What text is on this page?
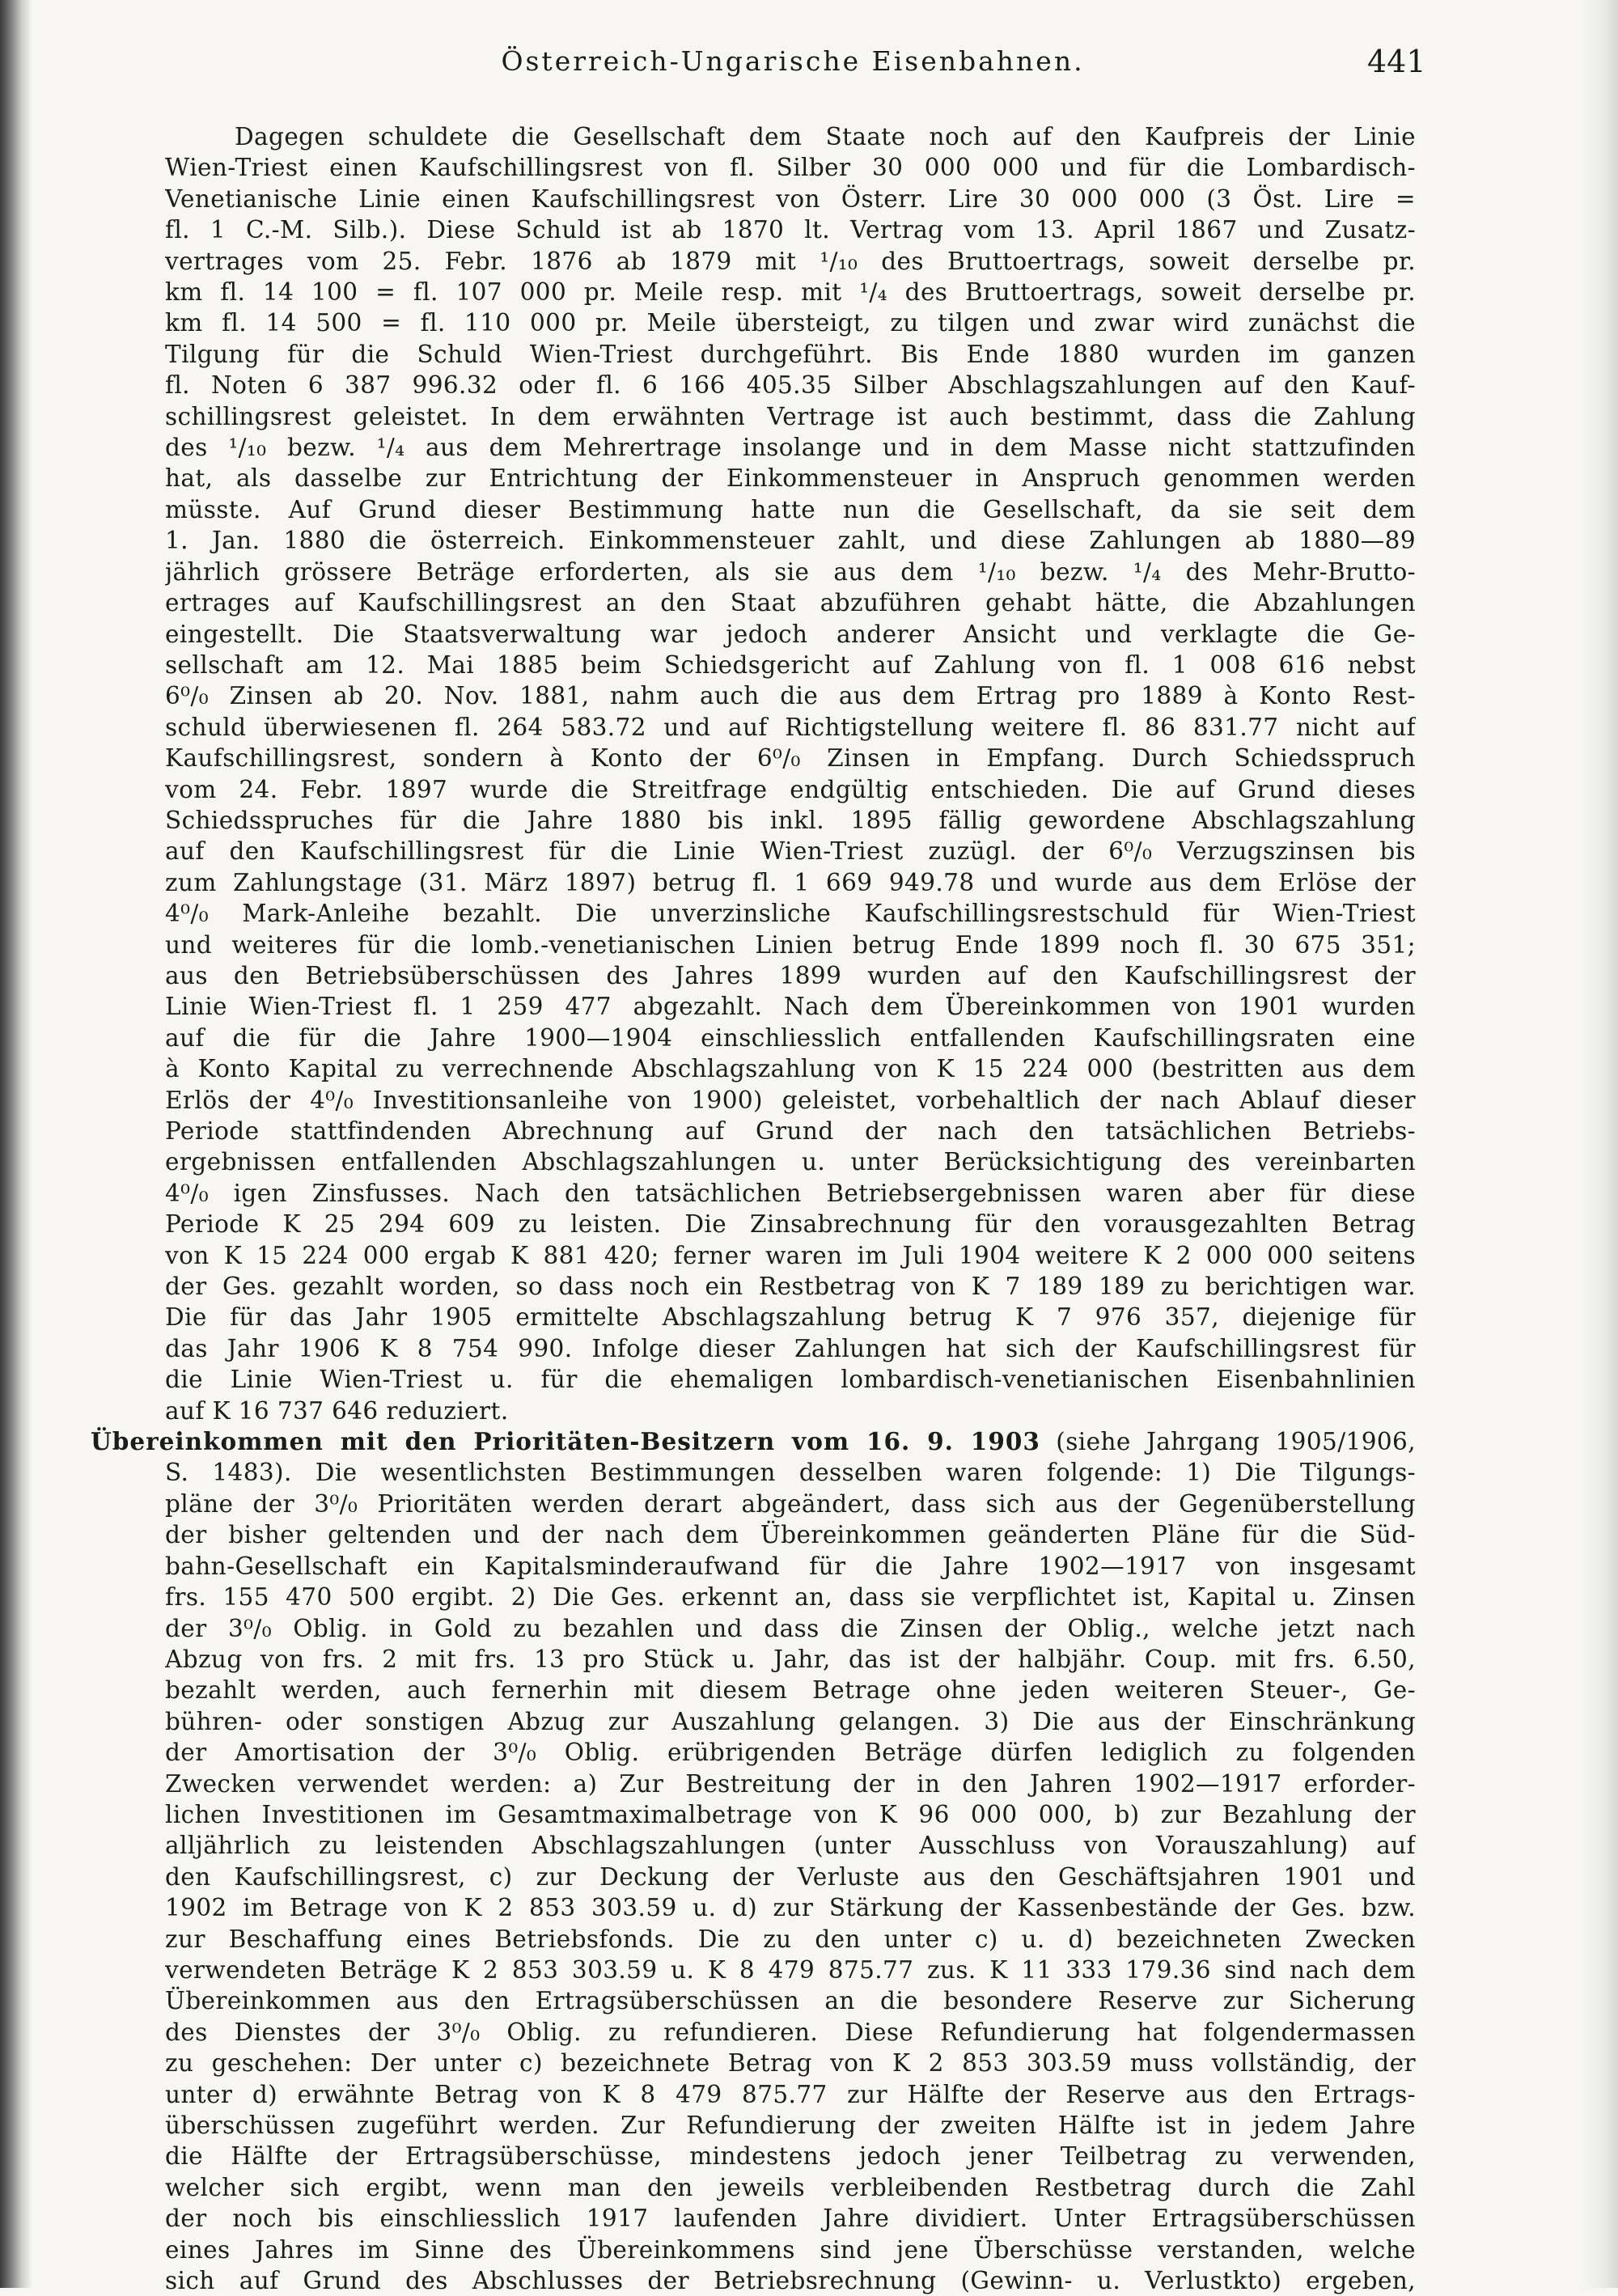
Österreich-Ungarische Eisenbahnen.	441
Dagegen schuldete die Gesellschaft dem Staate noch auf den Kaufpreis der Linie
Wien-Triest einen Kaufschillingsrest von fl. Silber 30 000 000 und für die Lombardisch-
Venetianische Linie einen Kaufschillingsrest von Österr. Lire 30 000 000 (3 Öst. Lire =
fl. 1 C.-M. Silb.). Diese Schuld ist ab 1870 lt. Vertrag vom 13. April 1867 und Zusatz-
vertrages vom 25. Febr. 1876 ab 1879 mit ¹/₁₀ des Bruttoertrags, soweit derselbe pr.
km fl. 14 100 = fl. 107 000 pr. Meile resp. mit ¹/₄ des Bruttoertrags, soweit derselbe pr.
km fl. 14 500 = fl. 110 000 pr. Meile übersteigt, zu tilgen und zwar wird zunächst die
Tilgung für die Schuld Wien-Triest durchgeführt. Bis Ende 1880 wurden im ganzen
fl. Noten 6 387 996.32 oder fl. 6 166 405.35 Silber Abschlagszahlungen auf den Kauf-
schillingsrest geleistet. In dem erwähnten Vertrage ist auch bestimmt, dass die Zahlung
des ¹/₁₀ bezw. ¹/₄ aus dem Mehrertrage insolange und in dem Masse nicht stattzufinden
hat, als dasselbe zur Entrichtung der Einkommensteuer in Anspruch genommen werden
müsste. Auf Grund dieser Bestimmung hatte nun die Gesellschaft, da sie seit dem
1. Jan. 1880 die österreich. Einkommensteuer zahlt, und diese Zahlungen ab 1880—89
jährlich grössere Beträge erforderten, als sie aus dem ¹/₁₀ bezw. ¹/₄ des Mehr-Brutto-
ertrages auf Kaufschillingsrest an den Staat abzuführen gehabt hätte, die Abzahlungen
eingestellt. Die Staatsverwaltung war jedoch anderer Ansicht und verklagte die Ge-
sellschaft am 12. Mai 1885 beim Schiedsgericht auf Zahlung von fl. 1 008 616 nebst
6⁰/₀ Zinsen ab 20. Nov. 1881, nahm auch die aus dem Ertrag pro 1889 à Konto Rest-
schuld überwiesenen fl. 264 583.72 und auf Richtigstellung weitere fl. 86 831.77 nicht auf
Kaufschillingsrest, sondern à Konto der 6⁰/₀ Zinsen in Empfang. Durch Schiedsspruch
vom 24. Febr. 1897 wurde die Streitfrage endgültig entschieden. Die auf Grund dieses
Schiedsspruches für die Jahre 1880 bis inkl. 1895 fällig gewordene Abschlagszahlung
auf den Kaufschillingsrest für die Linie Wien-Triest zuzügl. der 6⁰/₀ Verzugszinsen bis
zum Zahlungstage (31. März 1897) betrug fl. 1 669 949.78 und wurde aus dem Erlöse der
4⁰/₀ Mark-Anleihe bezahlt. Die unverzinsliche Kaufschillingsrestschuld für Wien-Triest
und weiteres für die lomb.-venetianischen Linien betrug Ende 1899 noch fl. 30 675 351;
aus den Betriebsüberschüssen des Jahres 1899 wurden auf den Kaufschillingsrest der
Linie Wien-Triest fl. 1 259 477 abgezahlt. Nach dem Übereinkommen von 1901 wurden
auf die für die Jahre 1900—1904 einschliesslich entfallenden Kaufschillingsraten eine
à Konto Kapital zu verrechnende Abschlagszahlung von K 15 224 000 (bestritten aus dem
Erlös der 4⁰/₀ Investitionsanleihe von 1900) geleistet, vorbehaltlich der nach Ablauf dieser
Periode stattfindenden Abrechnung auf Grund der nach den tatsächlichen Betriebs-
ergebnissen entfallenden Abschlagszahlungen u. unter Berücksichtigung des vereinbarten
4⁰/₀ igen Zinsfusses. Nach den tatsächlichen Betriebsergebnissen waren aber für diese
Periode K 25 294 609 zu leisten. Die Zinsabrechnung für den vorausgezahlten Betrag
von K 15 224 000 ergab K 881 420; ferner waren im Juli 1904 weitere K 2 000 000 seitens
der Ges. gezahlt worden, so dass noch ein Restbetrag von K 7 189 189 zu berichtigen war.
Die für das Jahr 1905 ermittelte Abschlagszahlung betrug K 7 976 357, diejenige für
das Jahr 1906 K 8 754 990. Infolge dieser Zahlungen hat sich der Kaufschillingsrest für
die Linie Wien-Triest u. für die ehemaligen lombardisch-venetianischen Eisenbahnlinien
auf K 16 737 646 reduziert.
Übereinkommen mit den Prioritäten-Besitzern vom 16. 9. 1903 (siehe Jahrgang 1905/1906,
S. 1483). Die wesentlichsten Bestimmungen desselben waren folgende: 1) Die Tilgungs-
pläne der 3⁰/₀ Prioritäten werden derart abgeändert, dass sich aus der Gegenüberstellung
der bisher geltenden und der nach dem Übereinkommen geänderten Pläne für die Süd-
bahn-Gesellschaft ein Kapitalsminderaufwand für die Jahre 1902—1917 von insgesamt
frs. 155 470 500 ergibt. 2) Die Ges. erkennt an, dass sie verpflichtet ist, Kapital u. Zinsen
der 3⁰/₀ Oblig. in Gold zu bezahlen und dass die Zinsen der Oblig., welche jetzt nach
Abzug von frs. 2 mit frs. 13 pro Stück u. Jahr, das ist der halbjähr. Coup. mit frs. 6.50,
bezahlt werden, auch fernerhin mit diesem Betrage ohne jeden weiteren Steuer-, Ge-
bühren- oder sonstigen Abzug zur Auszahlung gelangen. 3) Die aus der Einschränkung
der Amortisation der 3⁰/₀ Oblig. erübrigenden Beträge dürfen lediglich zu folgenden
Zwecken verwendet werden: a) Zur Bestreitung der in den Jahren 1902—1917 erforder-
lichen Investitionen im Gesamtmaximalbetrage von K 96 000 000, b) zur Bezahlung der
alljährlich zu leistenden Abschlagszahlungen (unter Ausschluss von Vorauszahlung) auf
den Kaufschillingsrest, c) zur Deckung der Verluste aus den Geschäftsjahren 1901 und
1902 im Betrage von K 2 853 303.59 u. d) zur Stärkung der Kassenbestände der Ges. bzw.
zur Beschaffung eines Betriebsfonds. Die zu den unter c) u. d) bezeichneten Zwecken
verwendeten Beträge K 2 853 303.59 u. K 8 479 875.77 zus. K 11 333 179.36 sind nach dem
Übereinkommen aus den Ertragsüberschüssen an die besondere Reserve zur Sicherung
des Dienstes der 3⁰/₀ Oblig. zu refundieren. Diese Refundierung hat folgendermassen
zu geschehen: Der unter c) bezeichnete Betrag von K 2 853 303.59 muss vollständig, der
unter d) erwähnte Betrag von K 8 479 875.77 zur Hälfte der Reserve aus den Ertrags-
überschüssen zugeführt werden. Zur Refundierung der zweiten Hälfte ist in jedem Jahre
die Hälfte der Ertragsüberschüsse, mindestens jedoch jener Teilbetrag zu verwenden,
welcher sich ergibt, wenn man den jeweils verbleibenden Restbetrag durch die Zahl
der noch bis einschliesslich 1917 laufenden Jahre dividiert. Unter Ertragsüberschüssen
eines Jahres im Sinne des Übereinkommens sind jene Überschüsse verstanden, welche
sich auf Grund des Abschlusses der Betriebsrechnung (Gewinn- u. Verlustkto) ergeben,
